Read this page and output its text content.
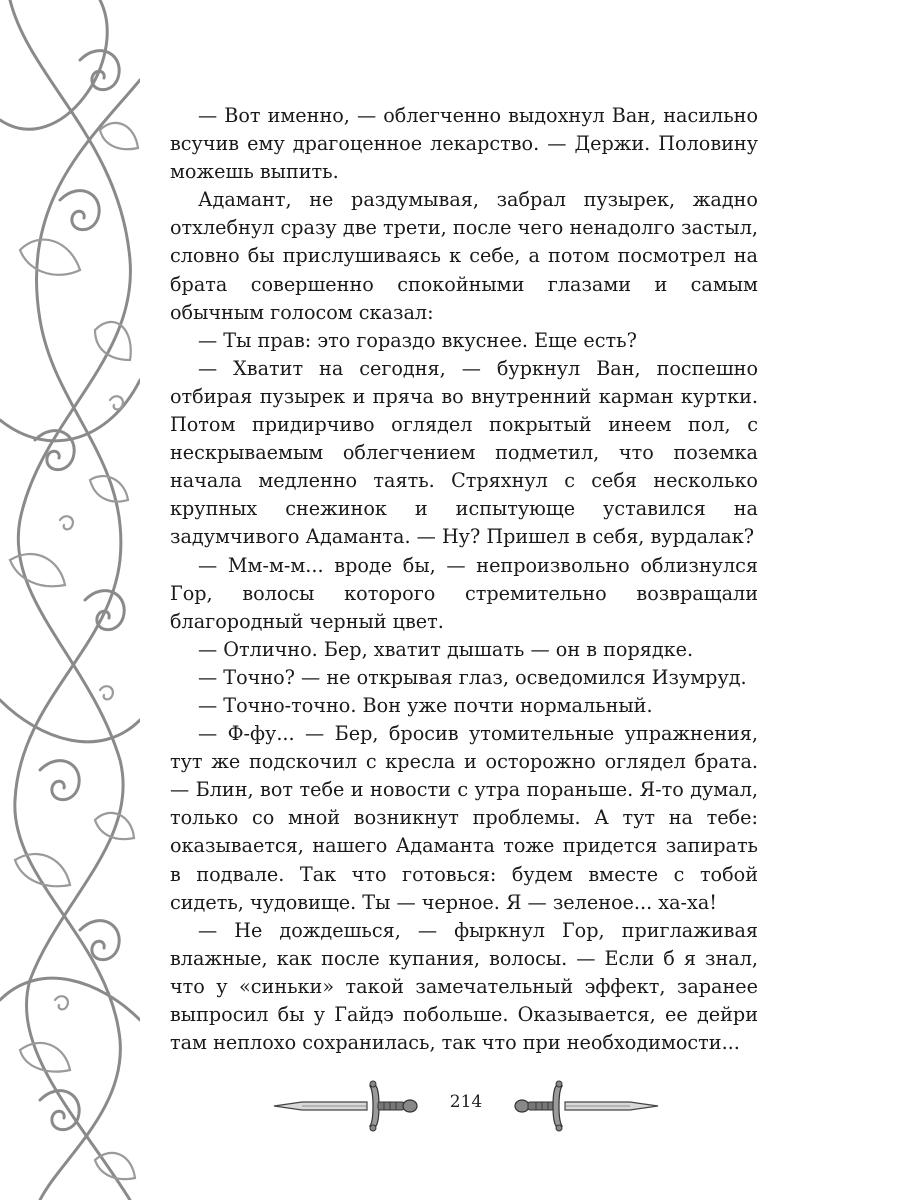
— Вот именно, — облегченно выдохнул Ван, насильно всучив ему драгоценное лекарство. — Держи. Половину можешь выпить.

Адамант, не раздумывая, забрал пузырек, жадно отхлебнул сразу две трети, после чего ненадолго застыл, словно бы прислушиваясь к себе, а потом посмотрел на брата совершенно спокойными глазами и самым обычным голосом сказал:

— Ты прав: это гораздо вкуснее. Еще есть?

— Хватит на сегодня, — буркнул Ван, поспешно отбирая пузырек и пряча во внутренний карман куртки. Потом придирчиво оглядел покрытый инеем пол, с нескрываемым облегчением подметил, что поземка начала медленно таять. Стряхнул с себя несколько крупных снежинок и испытующе уставился на задумчивого Адаманта. — Ну? Пришел в себя, вурдалак?

— Мм-м-м... вроде бы, — непроизвольно облизнулся Гор, волосы которого стремительно возвращали благородный черный цвет.

— Отлично. Бер, хватит дышать — он в порядке.

— Точно? — не открывая глаз, осведомился Изумруд.

— Точно-точно. Вон уже почти нормальный.

— Ф-фу... — Бер, бросив утомительные упражнения, тут же подскочил с кресла и осторожно оглядел брата. — Блин, вот тебе и новости с утра пораньше. Я-то думал, только со мной возникнут проблемы. А тут на тебе: оказывается, нашего Адаманта тоже придется запирать в подвале. Так что готовься: будем вместе с тобой сидеть, чудовище. Ты — черное. Я — зеленое... ха-ха!

— Не дождешься, — фыркнул Гор, приглаживая влажные, как после купания, волосы. — Если б я знал, что у «синьки» такой замечательный эффект, заранее выпросил бы у Гайдэ побольше. Оказывается, ее дейри там неплохо сохранилась, так что при необходимости...

214
